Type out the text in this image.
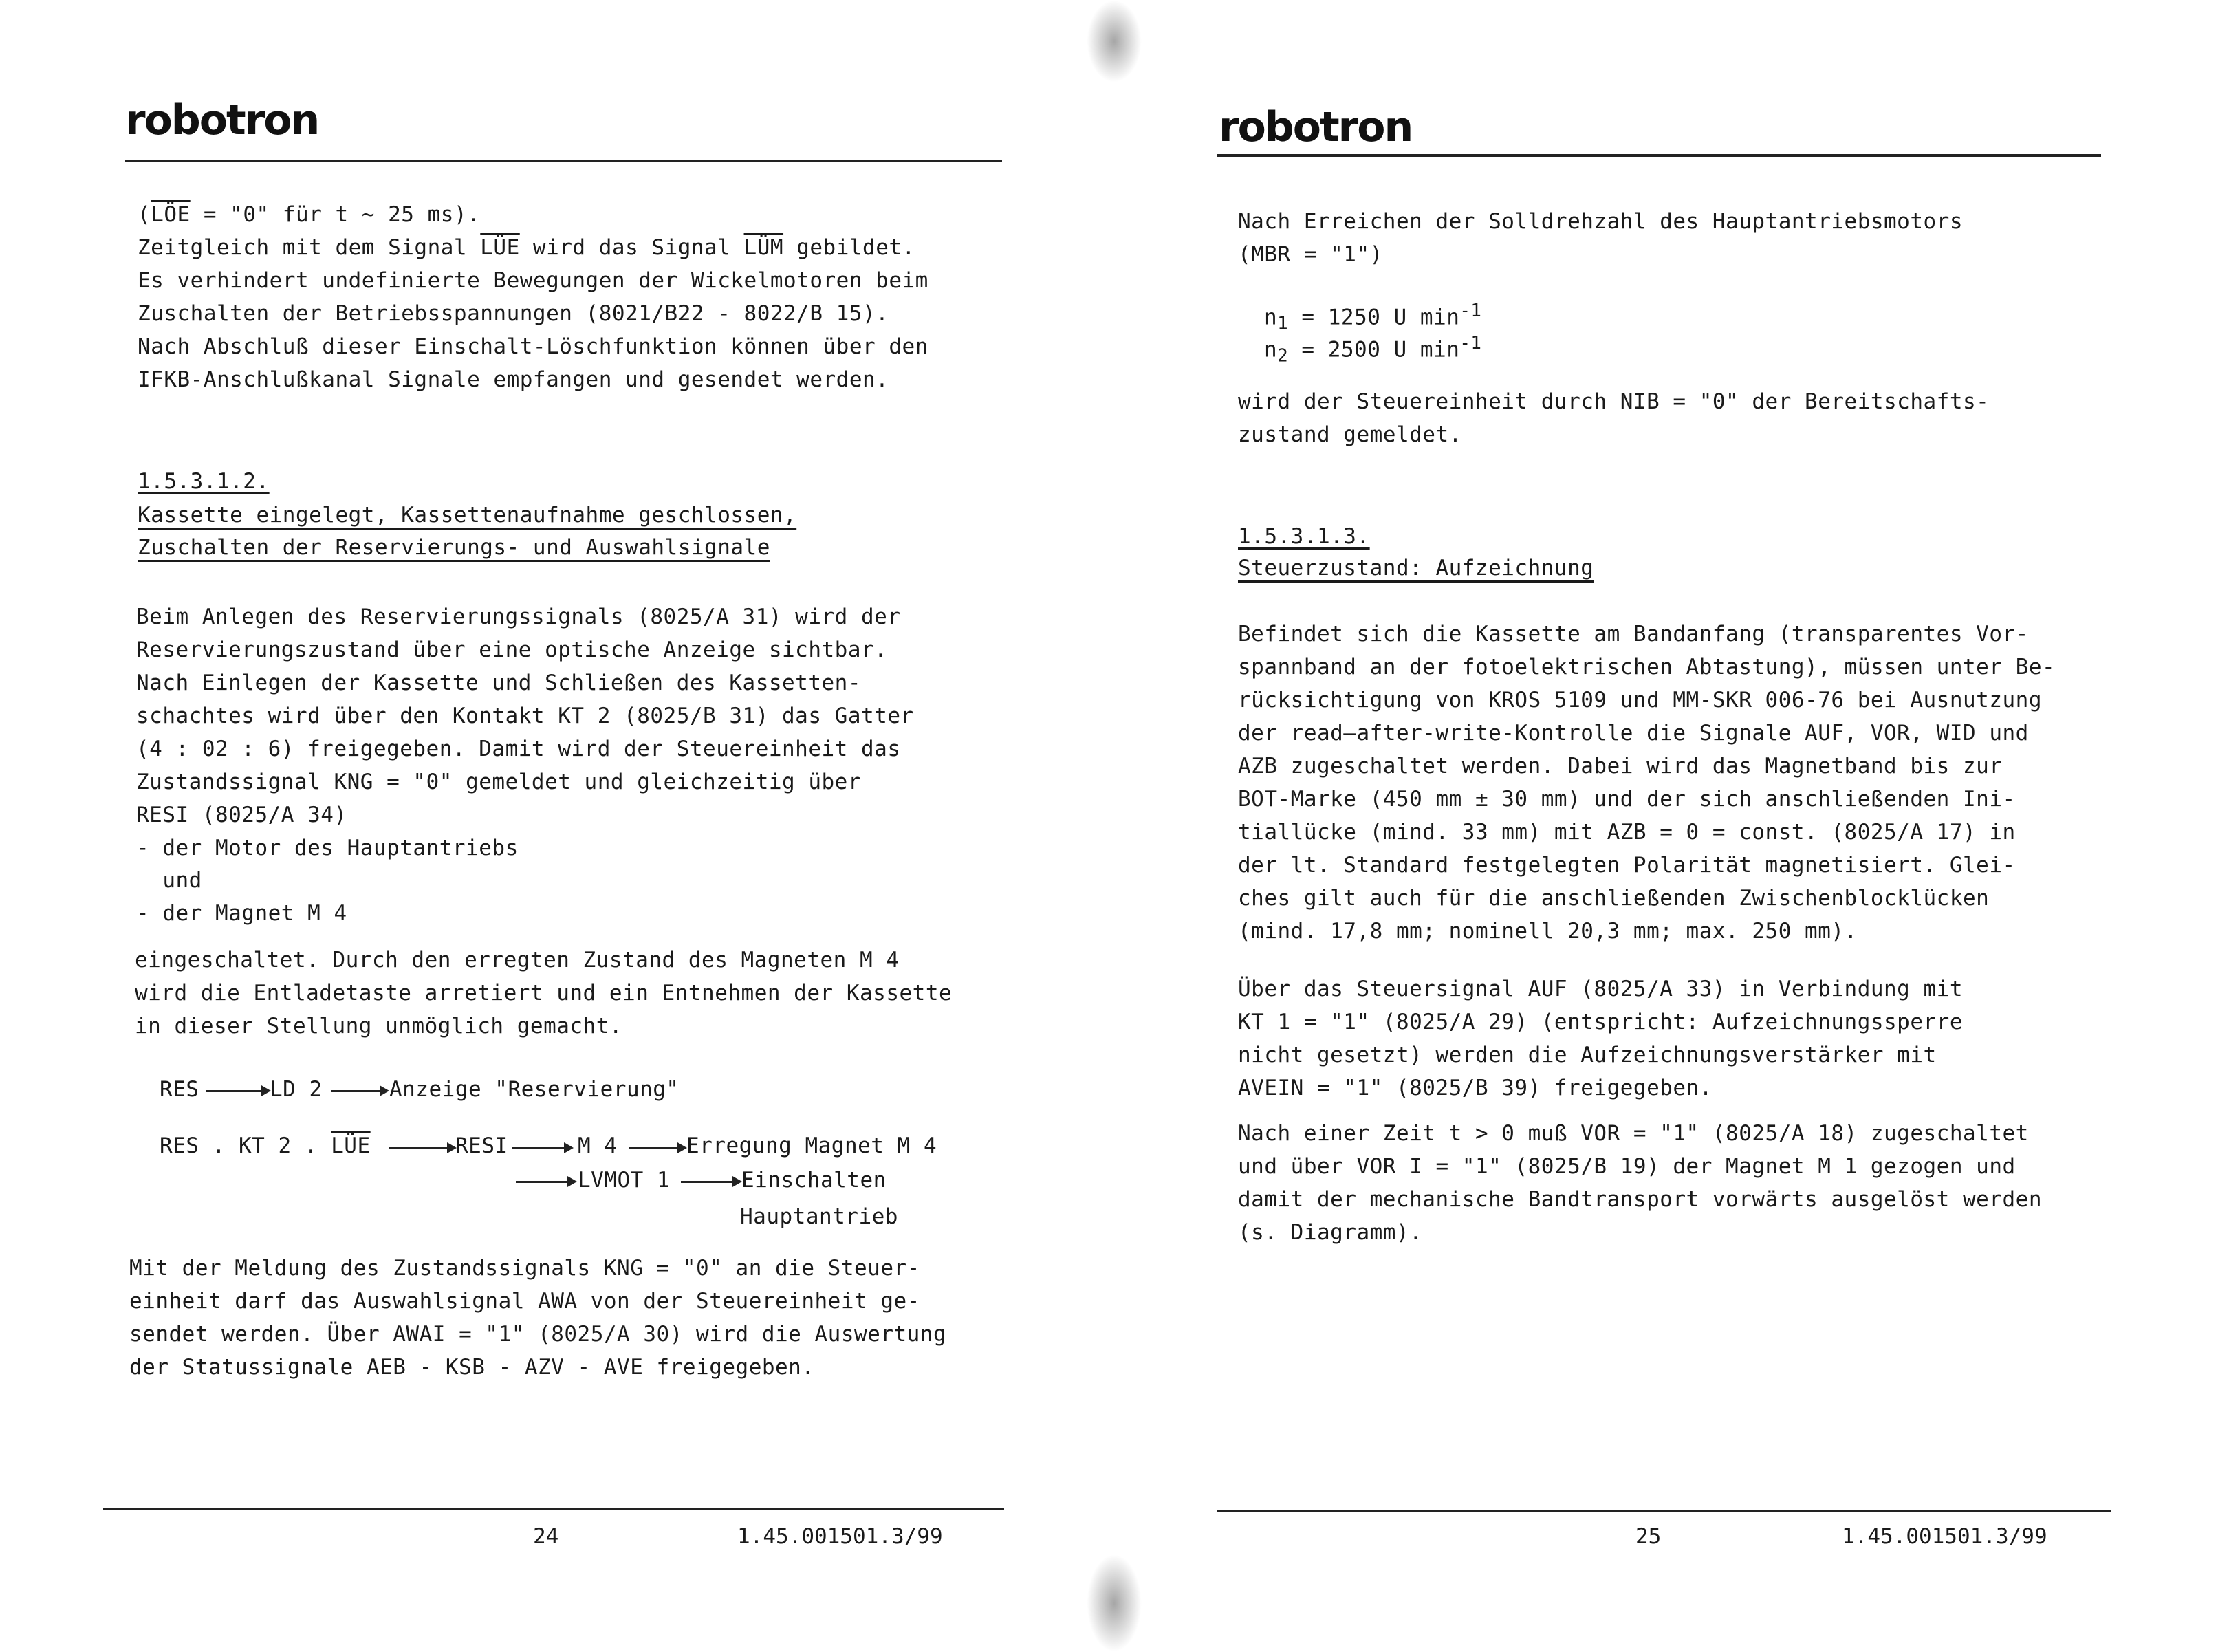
robotron
($\overline{LÖE}$ = "0" für t ~ 25 ms).
Zeitgleich mit dem Signal $\overline{LÜE}$ wird das Signal $\overline{LÜM}$ gebildet.
Es verhindert undefinierte Bewegungen der Wickelmotoren beim
Zuschalten der Betriebsspannungen (8021/B22 - 8022/B 15).
Nach Abschluß dieser Einschalt-Löschfunktion können über den
IFKB-Anschlußkanal Signale empfangen und gesendet werden.
1.5.3.1.2.
Kassette eingelegt, Kassettenaufnahme geschlossen,
Zuschalten der Reservierungs- und Auswahlsignale
Beim Anlegen des Reservierungssignals (8025/A 31) wird der
Reservierungszustand über eine optische Anzeige sichtbar.
Nach Einlegen der Kassette und Schließen des Kassetten-
schachtes wird über den Kontakt KT 2 (8025/B 31) das Gatter
(4 : 02 : 6) freigegeben. Damit wird der Steuereinheit das
Zustandssignal KNG = "0" gemeldet und gleichzeitig über
RESI (8025/A 34)
- der Motor des Hauptantriebs
und
- der Magnet M 4
eingeschaltet. Durch den erregten Zustand des Magneten M 4
wird die Entladetaste arretiert und ein Entnehmen der Kassette
in dieser Stellung unmöglich gemacht.
RES	LD 2	Anzeige "Reservierung"
RES . KT 2 . $\overline{LÜE}$	RESI	M 4	Erregung Magnet M 4
LVMOT 1	Einschalten
Hauptantrieb
Mit der Meldung des Zustandssignals KNG = "0" an die Steuer-
einheit darf das Auswahlsignal AWA von der Steuereinheit ge-
sendet werden. Über AWAI = "1" (8025/A 30) wird die Auswertung
der Statussignale AEB - KSB - AZV - AVE freigegeben.
24	1.45.001501.3/99
robotron
Nach Erreichen der Solldrehzahl des Hauptantriebsmotors
(MBR = "1")
$n_1 = 1250$ U $\min^{-1}$
$n_2 = 2500$ U $\min^{-1}$
wird der Steuereinheit durch NIB = "0" der Bereitschafts-
zustand gemeldet.
1.5.3.1.3.
Steuerzustand: Aufzeichnung
Befindet sich die Kassette am Bandanfang (transparentes Vor-
spannband an der fotoelektrischen Abtastung), müssen unter Be-
rücksichtigung von KROS 5109 und MM-SKR 006-76 bei Ausnutzung
der read—after-write-Kontrolle die Signale AUF, VOR, WID und
AZB zugeschaltet werden. Dabei wird das Magnetband bis zur
BOT-Marke (450 mm ± 30 mm) und der sich anschließenden Ini-
tiallücke (mind. 33 mm) mit AZB = 0 = const. (8025/A 17) in
der lt. Standard festgelegten Polarität magnetisiert. Glei-
ches gilt auch für die anschließenden Zwischenblocklücken
(mind. 17,8 mm; nominell 20,3 mm; max. 250 mm).
Über das Steuersignal AUF (8025/A 33) in Verbindung mit
KT 1 = "1" (8025/A 29) (entspricht: Aufzeichnungssperre
nicht gesetzt) werden die Aufzeichnungsverstärker mit
AVEIN = "1" (8025/B 39) freigegeben.
Nach einer Zeit t > 0 muß VOR = "1" (8025/A 18) zugeschaltet
und über VOR I = "1" (8025/B 19) der Magnet M 1 gezogen und
damit der mechanische Bandtransport vorwärts ausgelöst werden
(s. Diagramm).
25	1.45.001501.3/99
